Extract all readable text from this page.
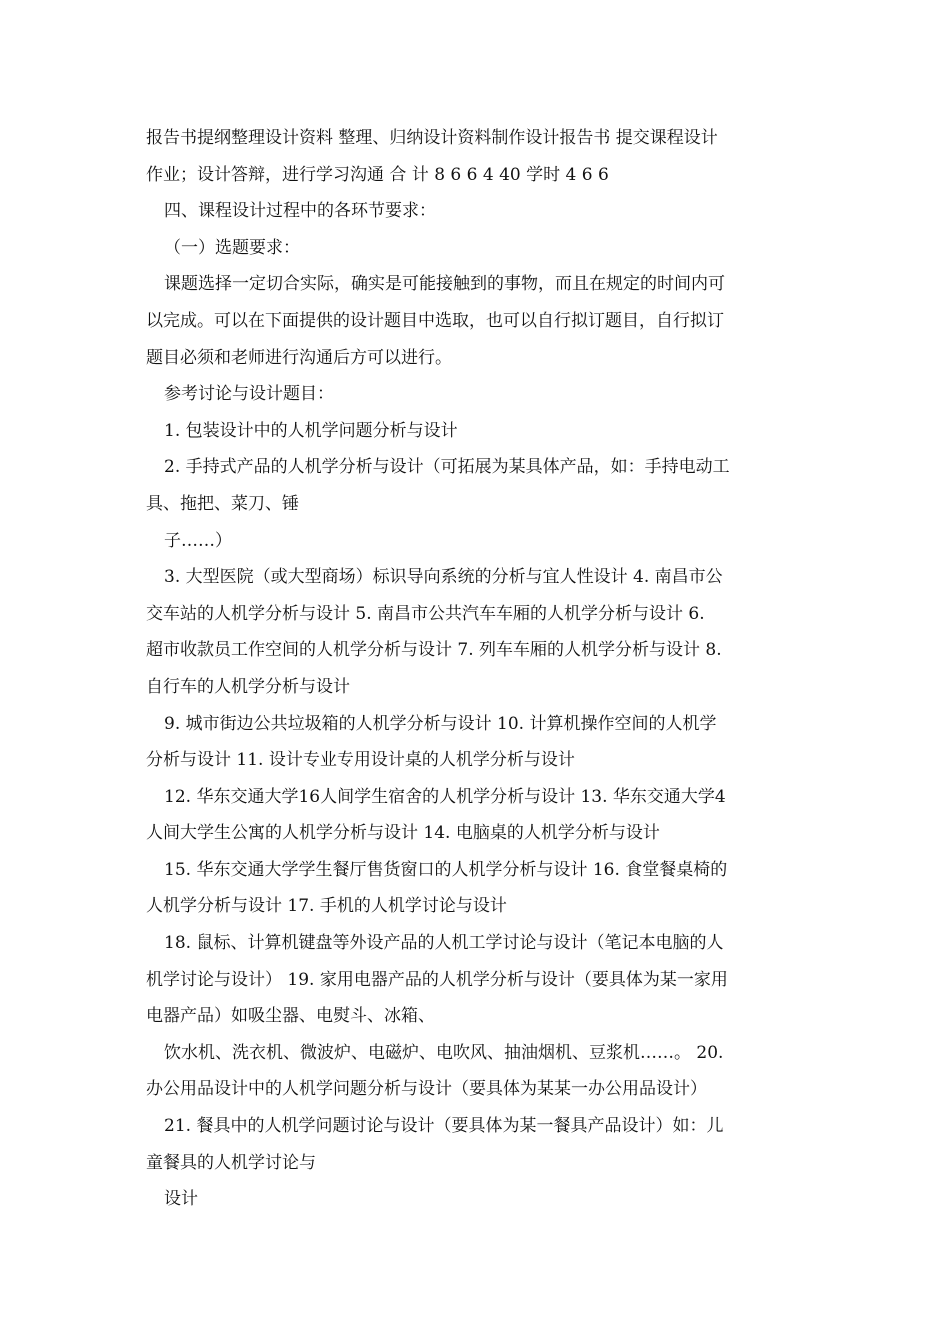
报告书提纲整理设计资料 整理、归纳设计资料制作设计报告书 提交课程设计
作业；设计答辩，进行学习沟通 合 计 8 6 6 4 40 学时 4 6 6
四、课程设计过程中的各环节要求：
（一）选题要求：
课题选择一定切合实际，确实是可能接触到的事物，而且在规定的时间内可
以完成。可以在下面提供的设计题目中选取，也可以自行拟订题目，自行拟订
题目必须和老师进行沟通后方可以进行。
参考讨论与设计题目：
1. 包装设计中的人机学问题分析与设计
2. 手持式产品的人机学分析与设计（可拓展为某具体产品，如：手持电动工
具、拖把、菜刀、锤
子……）
3. 大型医院（或大型商场）标识导向系统的分析与宜人性设计 4. 南昌市公
交车站的人机学分析与设计 5. 南昌市公共汽车车厢的人机学分析与设计 6.
超市收款员工作空间的人机学分析与设计 7. 列车车厢的人机学分析与设计 8.
自行车的人机学分析与设计
9. 城市街边公共垃圾箱的人机学分析与设计 10. 计算机操作空间的人机学
分析与设计 11. 设计专业专用设计桌的人机学分析与设计
12. 华东交通大学16人间学生宿舍的人机学分析与设计 13. 华东交通大学4
人间大学生公寓的人机学分析与设计 14. 电脑桌的人机学分析与设计
15. 华东交通大学学生餐厅售货窗口的人机学分析与设计 16. 食堂餐桌椅的
人机学分析与设计 17. 手机的人机学讨论与设计
18. 鼠标、计算机键盘等外设产品的人机工学讨论与设计（笔记本电脑的人
机学讨论与设计） 19. 家用电器产品的人机学分析与设计（要具体为某一家用
电器产品）如吸尘器、电熨斗、冰箱、
饮水机、洗衣机、微波炉、电磁炉、电吹风、抽油烟机、豆浆机……。 20.
办公用品设计中的人机学问题分析与设计（要具体为某某一办公用品设计）
21. 餐具中的人机学问题讨论与设计（要具体为某一餐具产品设计）如：儿
童餐具的人机学讨论与
设计
